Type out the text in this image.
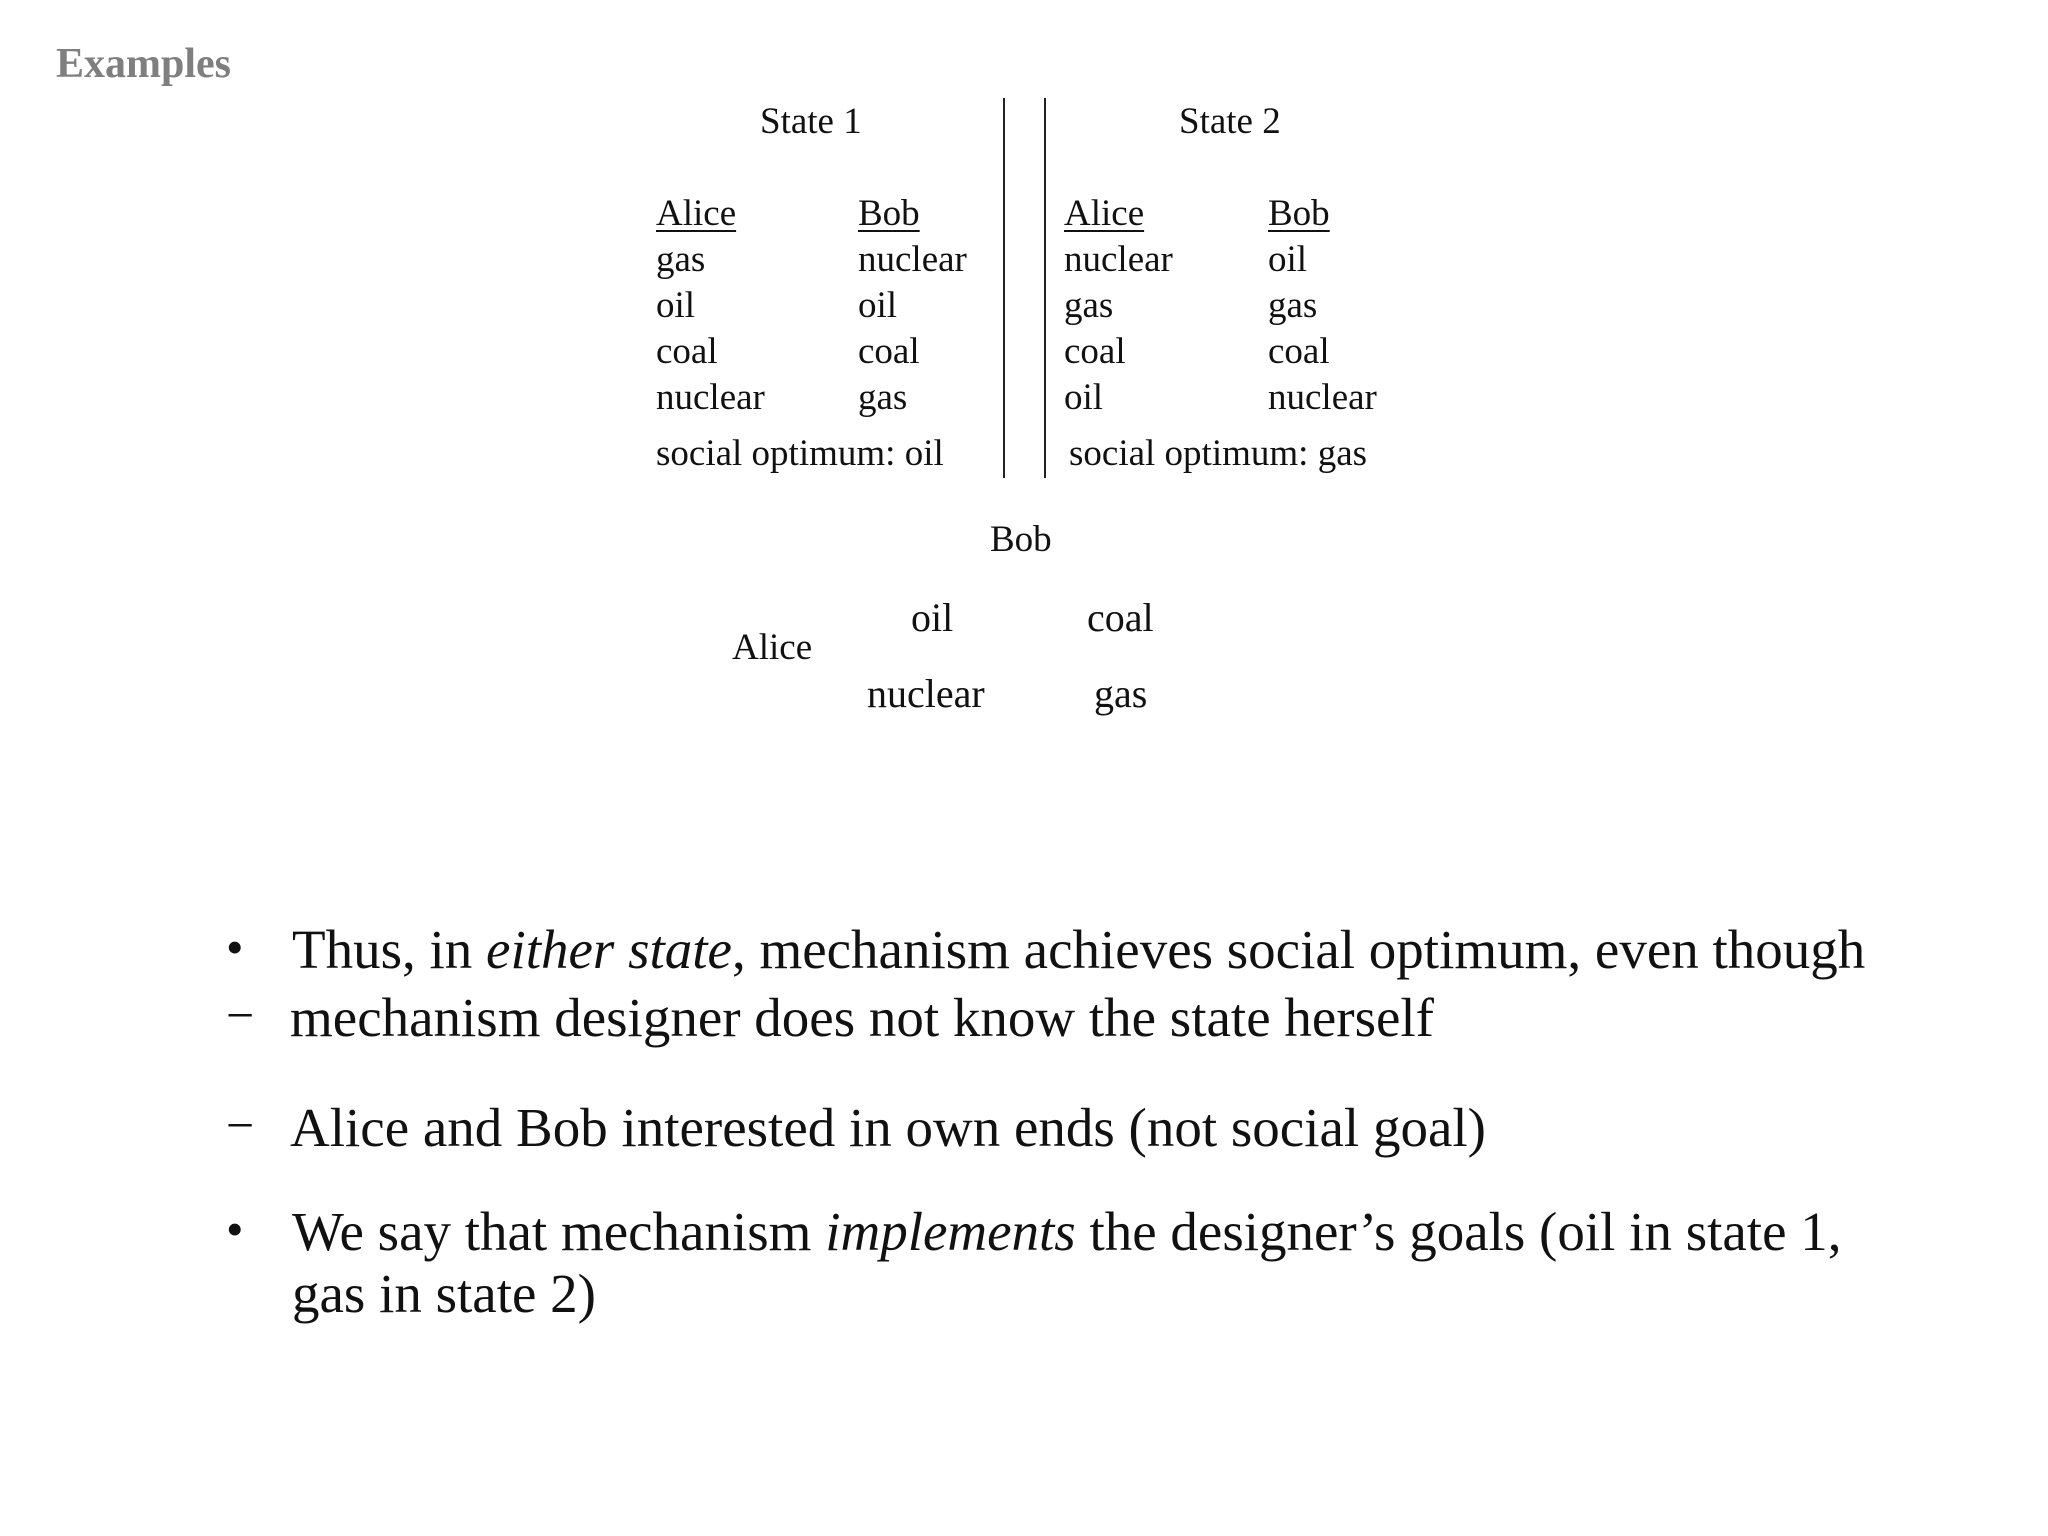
Examples
State 1
Alice	Bob
gas	nuclear
oil	oil
coal	coal
nuclear	gas
social optimum: oil
State 2
Alice	Bob
nuclear	oil
gas	gas
coal	coal
oil	nuclear
social optimum: gas
Bob
Alice
oil	coal
nuclear	gas
• Thus, in either state, mechanism achieves social optimum, even though
− mechanism designer does not know the state herself
− Alice and Bob interested in own ends (not social goal)
• We say that mechanism implements the designer’s goals (oil in state 1,
gas in state 2)
